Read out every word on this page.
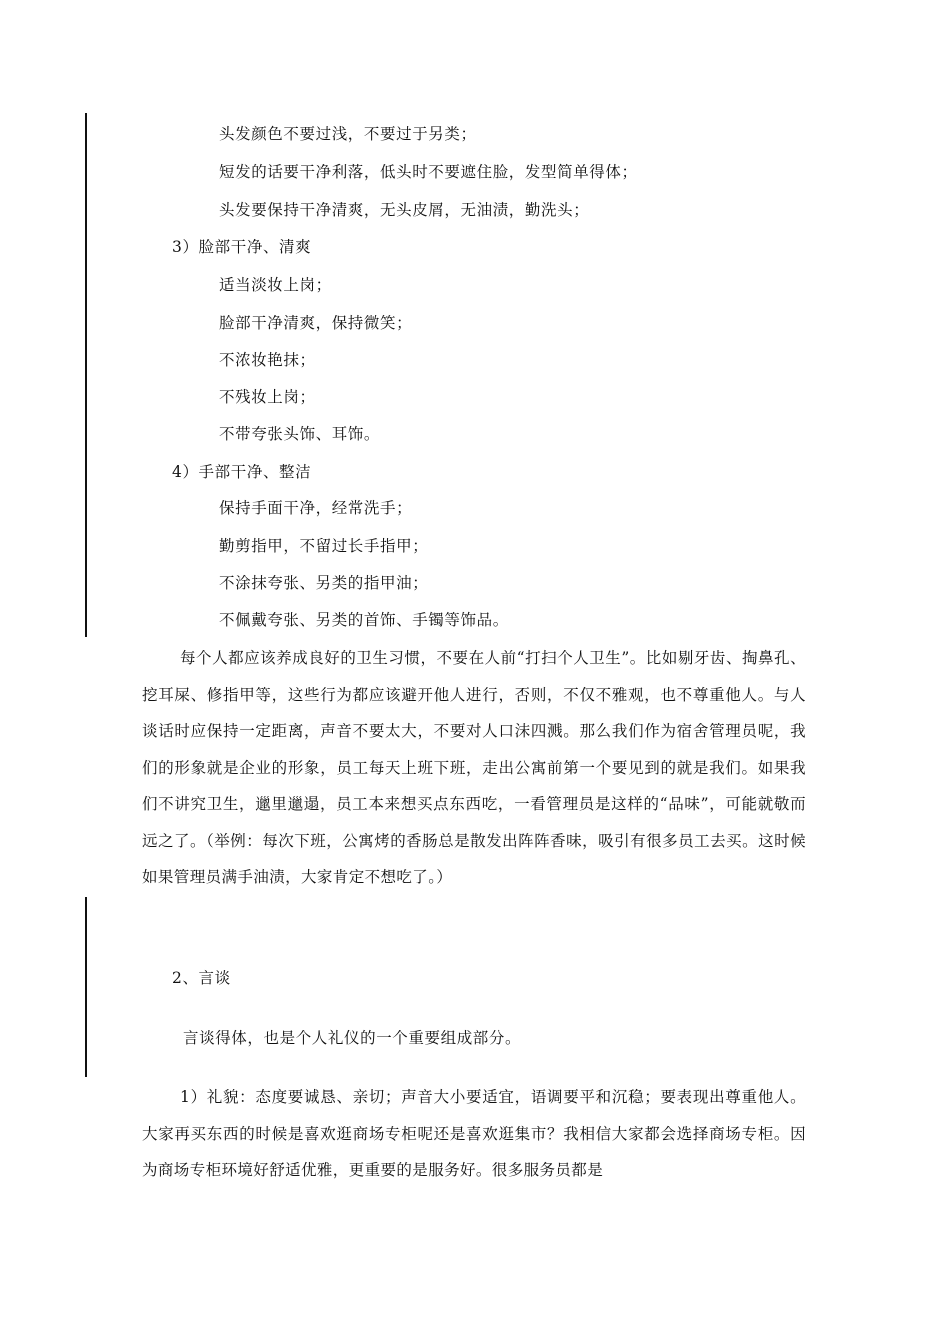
头发颜色不要过浅，不要过于另类；
短发的话要干净利落，低头时不要遮住脸，发型简单得体；
头发要保持干净清爽，无头皮屑，无油渍，勤洗头；
3）脸部干净、清爽
适当淡妆上岗；
脸部干净清爽，保持微笑；
不浓妆艳抹；
不残妆上岗；
不带夸张头饰、耳饰。
4）手部干净、整洁
保持手面干净，经常洗手；
勤剪指甲，不留过长手指甲；
不涂抹夸张、另类的指甲油；
不佩戴夸张、另类的首饰、手镯等饰品。
每个人都应该养成良好的卫生习惯，不要在人前“打扫个人卫生”。比如剔牙齿、掏鼻孔、挖耳屎、修指甲等，这些行为都应该避开他人进行，否则，不仅不雅观，也不尊重他人。与人谈话时应保持一定距离，声音不要太大，不要对人口沫四溅。那么我们作为宿舍管理员呢，我们的形象就是企业的形象，员工每天上班下班，走出公寓前第一个要见到的就是我们。如果我们不讲究卫生，邋里邋遢，员工本来想买点东西吃，一看管理员是这样的“品味”，可能就敬而远之了。（举例：每次下班，公寓烤的香肠总是散发出阵阵香味，吸引有很多员工去买。这时候如果管理员满手油渍，大家肯定不想吃了。）
2、言谈
言谈得体，也是个人礼仪的一个重要组成部分。
1）礼貌：态度要诚恳、亲切；声音大小要适宜，语调要平和沉稳；要表现出尊重他人。大家再买东西的时候是喜欢逛商场专柜呢还是喜欢逛集市？我相信大家都会选择商场专柜。因为商场专柜环境好舒适优雅，更重要的是服务好。很多服务员都是
